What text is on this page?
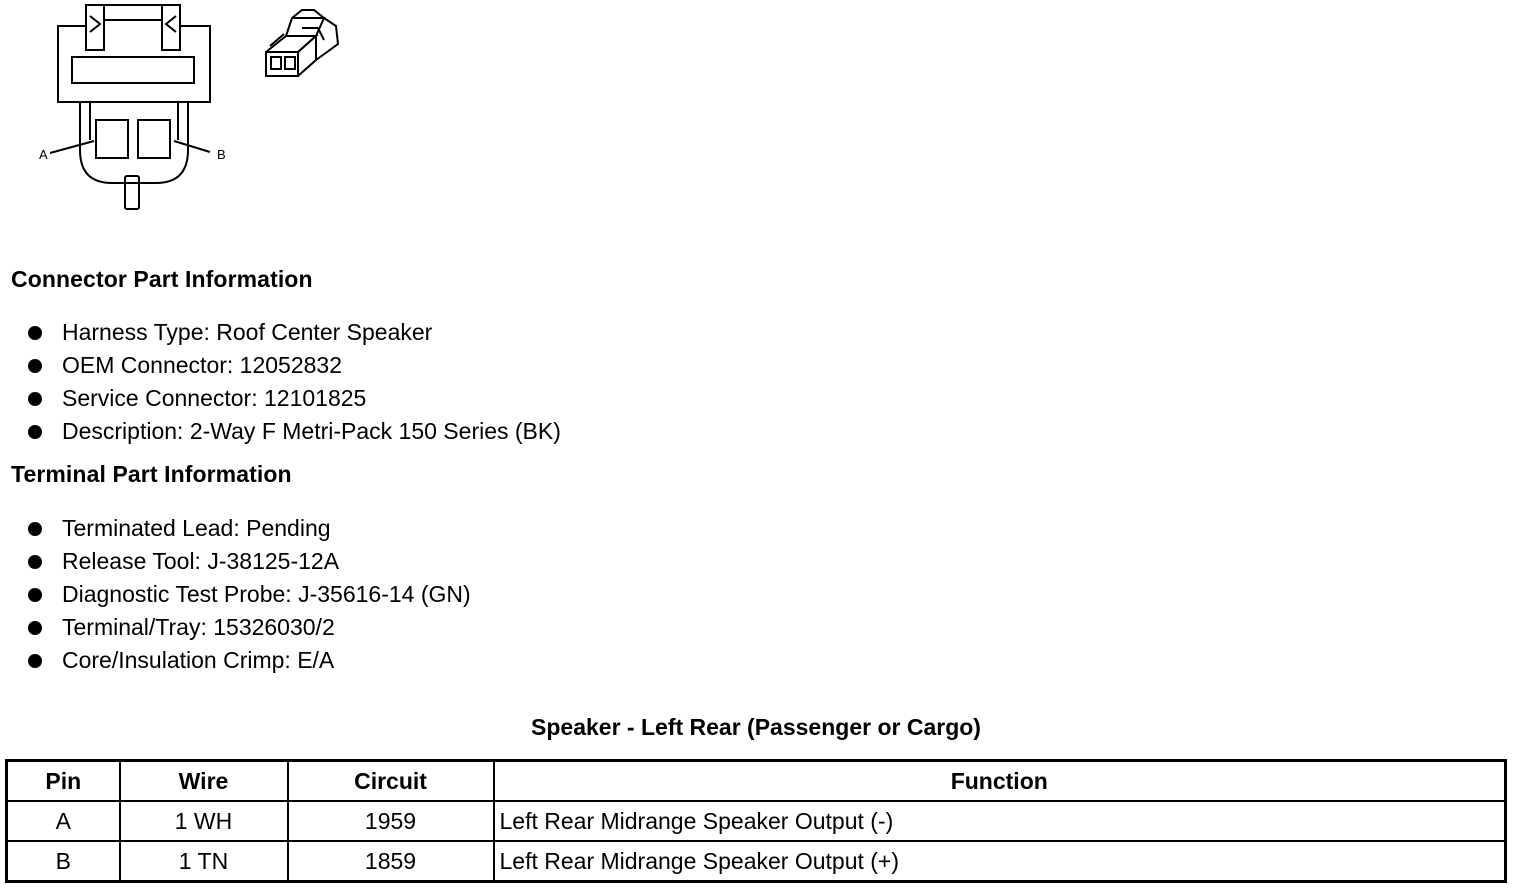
A	B
Connector Part Information
Harness Type: Roof Center Speaker
OEM Connector: 12052832
Service Connector: 12101825
Description: 2-Way F Metri-Pack 150 Series (BK)
Terminal Part Information
Terminated Lead: Pending
Release Tool: J-38125-12A
Diagnostic Test Probe: J-35616-14 (GN)
Terminal/Tray: 15326030/2
Core/Insulation Crimp: E/A
Speaker - Left Rear (Passenger or Cargo)
Pin	Wire	Circuit	Function
A	1 WH	1959	Left Rear Midrange Speaker Output (-)
B	1 TN	1859	Left Rear Midrange Speaker Output (+)
